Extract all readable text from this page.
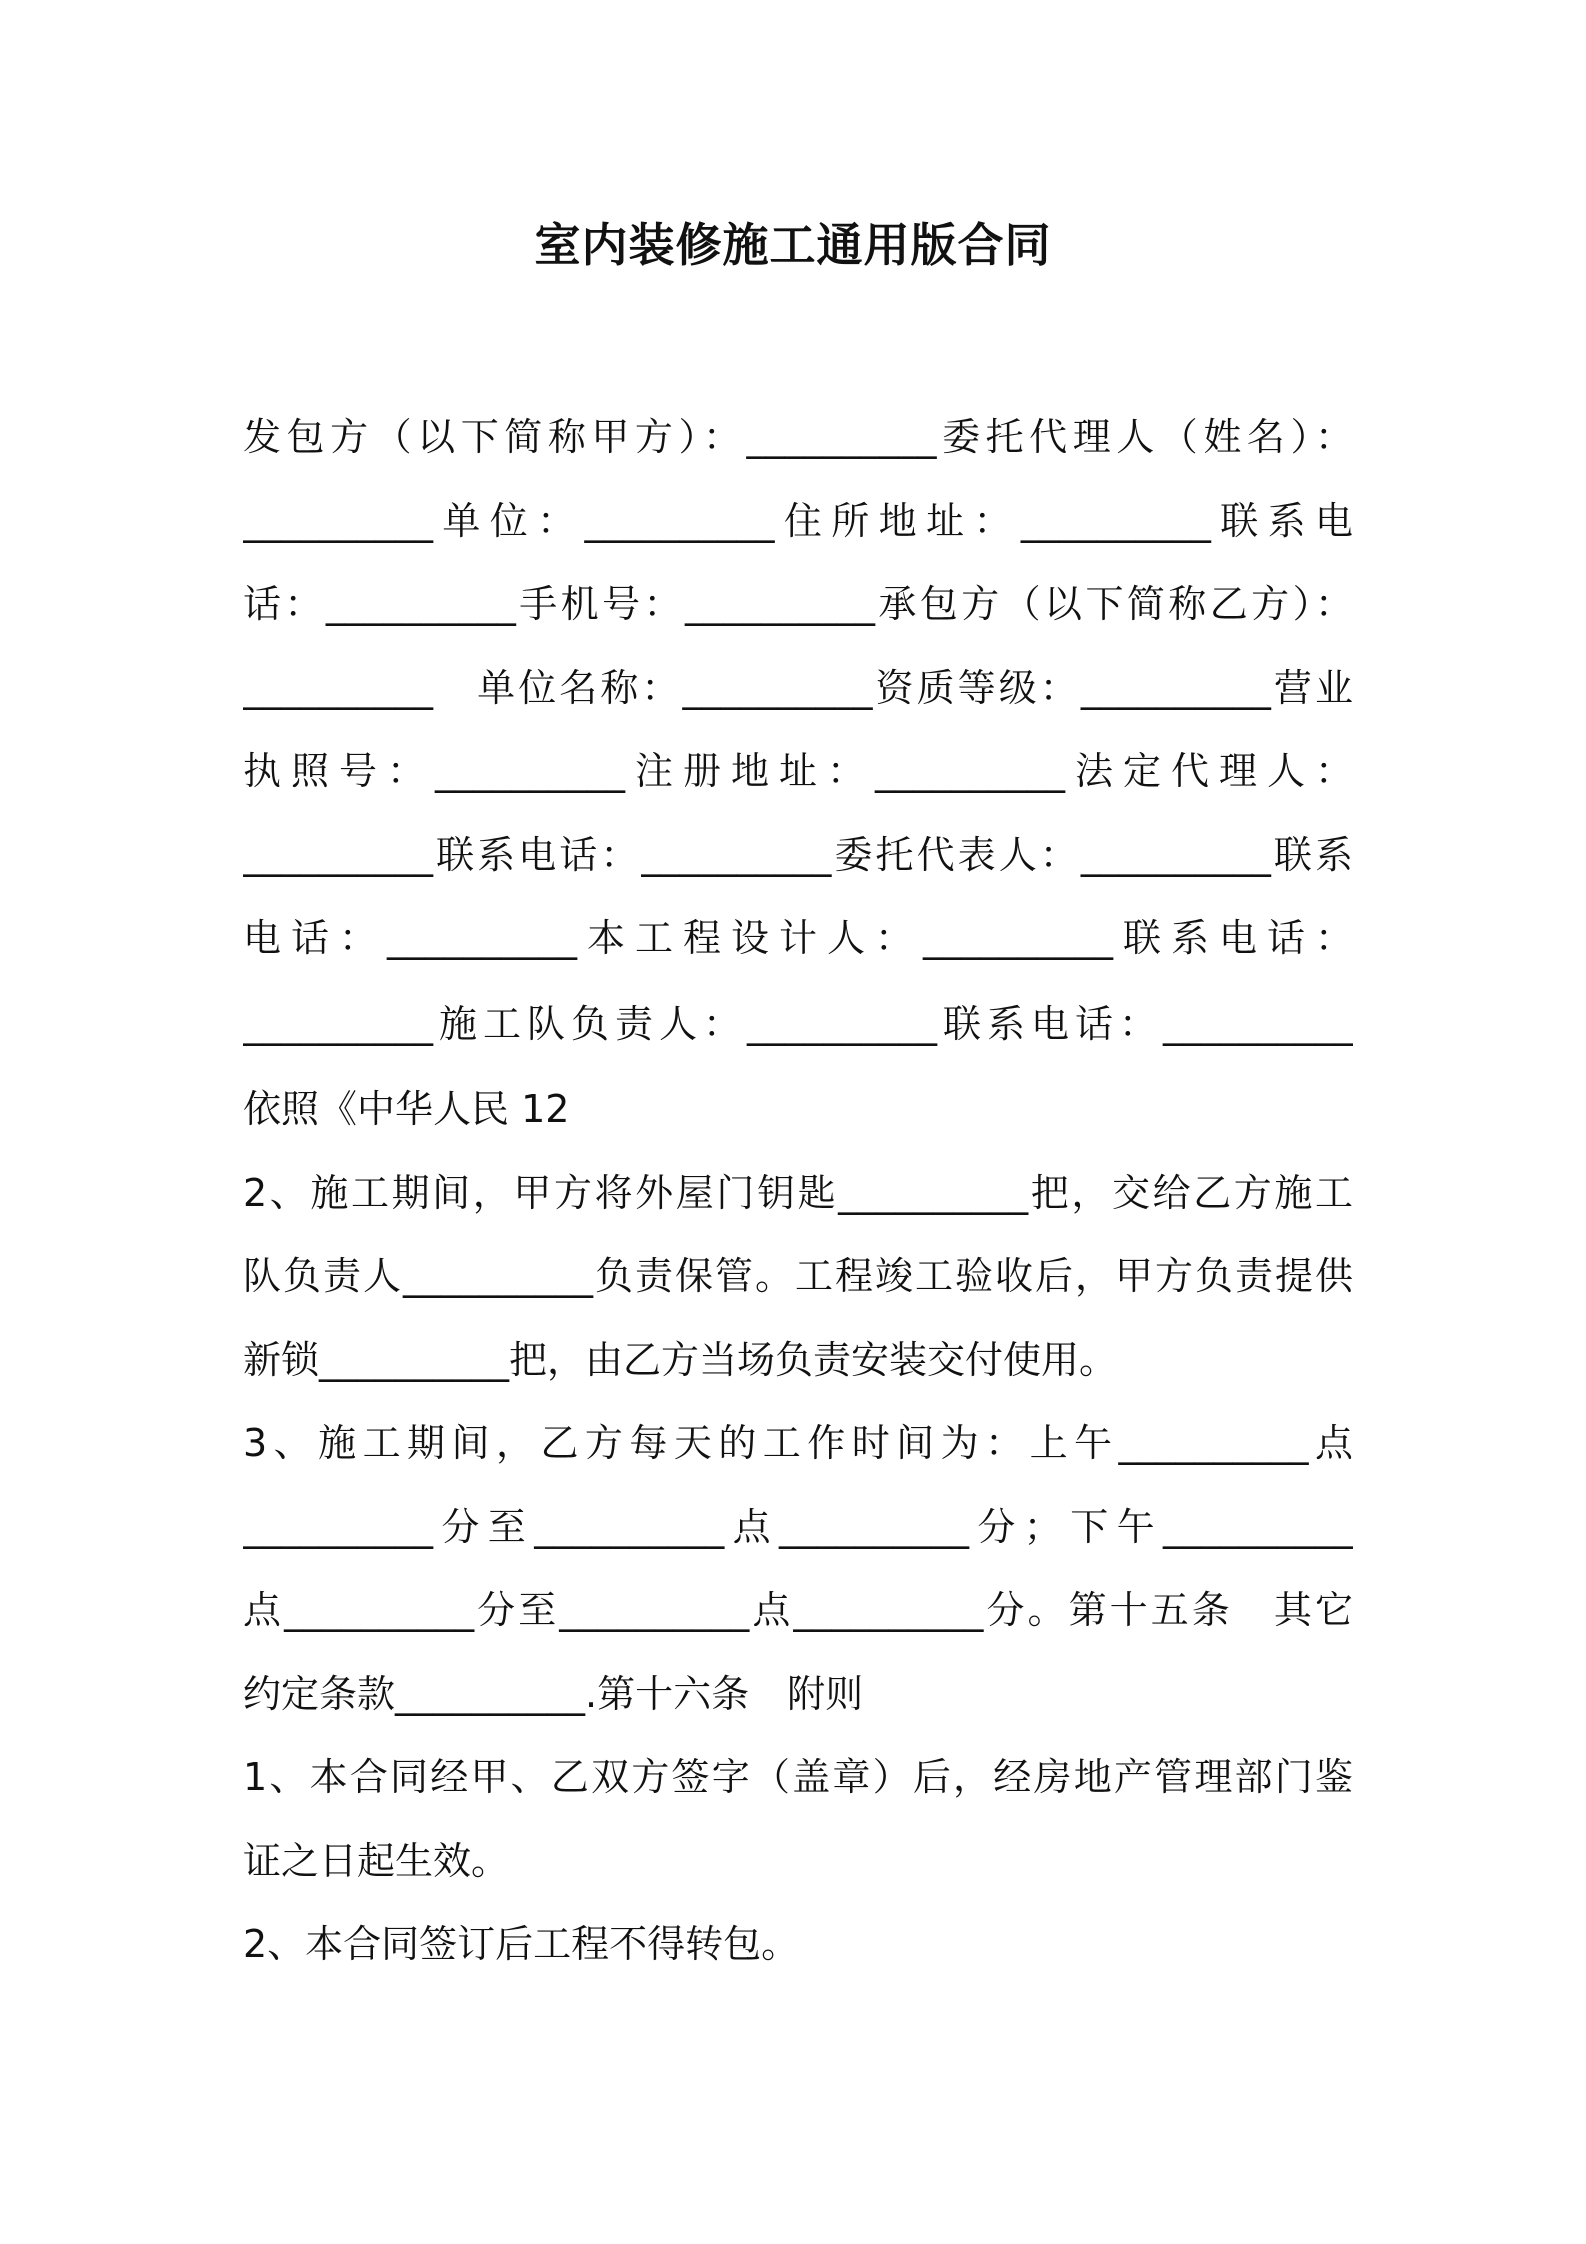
室内装修施工通用版合同
发包方（以下简称甲方）：__________委托代理人（姓名）：
__________单位：__________住所地址：__________联系电
话：__________手机号：__________承包方（以下简称乙方）：
__________　单位名称：__________资质等级：__________营业
执照号：__________注册地址：__________法定代理人：
__________联系电话：__________委托代表人：__________联系
电话：__________本工程设计人：__________联系电话：
__________施工队负责人：__________联系电话：__________
依照《中华人民 12
2、施工期间，甲方将外屋门钥匙__________把，交给乙方施工
队负责人__________负责保管。工程竣工验收后，甲方负责提供
新锁__________把，由乙方当场负责安装交付使用。
3、施工期间，乙方每天的工作时间为：上午__________点
__________分至__________点__________分；下午__________
点__________分至__________点__________分。第十五条　其它
约定条款__________.第十六条　附则
1、本合同经甲、乙双方签字（盖章）后，经房地产管理部门鉴
证之日起生效。
2、本合同签订后工程不得转包。
